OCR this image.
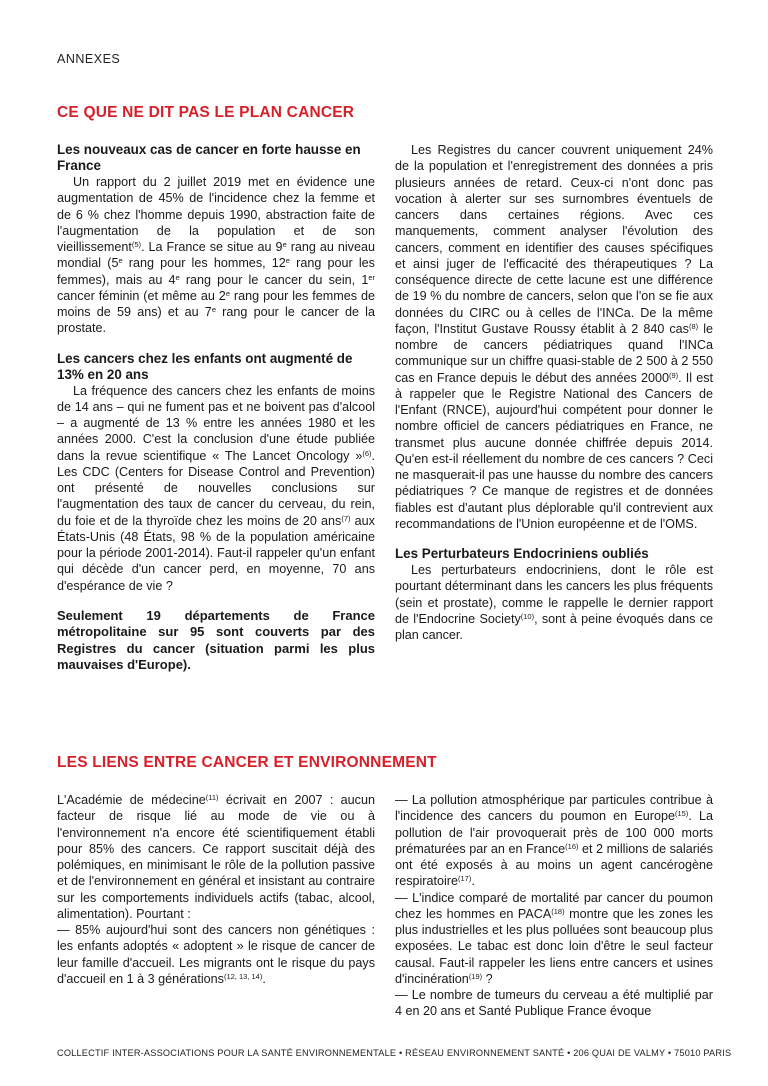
ANNEXES
CE QUE NE DIT PAS LE PLAN CANCER
Les nouveaux cas de cancer en forte hausse en France

Un rapport du 2 juillet 2019 met en évidence une augmentation de 45% de l'incidence chez la femme et de 6 % chez l'homme depuis 1990, abstraction faite de l'augmentation de la population et de son vieillissement$^{(5)}$. La France se situe au 9e rang au niveau mondial (5e rang pour les hommes, 12e rang pour les femmes), mais au 4e rang pour le cancer du sein, 1er cancer féminin (et même au 2e rang pour les femmes de moins de 59 ans) et au 7e rang pour le cancer de la prostate.

Les cancers chez les enfants ont augmenté de 13% en 20 ans

La fréquence des cancers chez les enfants de moins de 14 ans – qui ne fument pas et ne boivent pas d'alcool – a augmenté de 13 % entre les années 1980 et les années 2000. C'est la conclusion d'une étude publiée dans la revue scientifique « The Lancet Oncology »$^{(6)}$. Les CDC (Centers for Disease Control and Prevention) ont présenté de nouvelles conclusions sur l'augmentation des taux de cancer du cerveau, du rein, du foie et de la thyroïde chez les moins de 20 ans$^{(7)}$ aux États-Unis (48 États, 98 % de la population américaine pour la période 2001-2014). Faut-il rappeler qu'un enfant qui décède d'un cancer perd, en moyenne, 70 ans d'espérance de vie ?

Seulement 19 départements de France métropolitaine sur 95 sont couverts par des Registres du cancer (situation parmi les plus mauvaises d'Europe).

Les Registres du cancer couvrent uniquement 24% de la population et l'enregistrement des données a pris plusieurs années de retard. Ceux-ci n'ont donc pas vocation à alerter sur ses surnombres éventuels de cancers dans certaines régions. Avec ces manquements, comment analyser l'évolution des cancers, comment en identifier des causes spécifiques et ainsi juger de l'efficacité des thérapeutiques ? La conséquence directe de cette lacune est une différence de 19 % du nombre de cancers, selon que l'on se fie aux données du CIRC ou à celles de l'INCa. De la même façon, l'Institut Gustave Roussy établit à 2 840 cas$^{(8)}$ le nombre de cancers pédiatriques quand l'INCa communique sur un chiffre quasi-stable de 2 500 à 2 550 cas en France depuis le début des années 2000$^{(9)}$. Il est à rappeler que le Registre National des Cancers de l'Enfant (RNCE), aujourd'hui compétent pour donner le nombre officiel de cancers pédiatriques en France, ne transmet plus aucune donnée chiffrée depuis 2014. Qu'en est-il réellement du nombre de ces cancers ? Ceci ne masquerait-il pas une hausse du nombre des cancers pédiatriques ? Ce manque de registres et de données fiables est d'autant plus déplorable qu'il contrevient aux recommandations de l'Union européenne et de l'OMS.

Les Perturbateurs Endocriniens oubliés

Les perturbateurs endocriniens, dont le rôle est pourtant déterminant dans les cancers les plus fréquents (sein et prostate), comme le rappelle le dernier rapport de l'Endocrine Society$^{(10)}$, sont à peine évoqués dans ce plan cancer.

LES LIENS ENTRE CANCER ET ENVIRONNEMENT

L'Académie de médecine$^{(11)}$ écrivait en 2007 : aucun facteur de risque lié au mode de vie ou à l'environnement n'a encore été scientifiquement établi pour 85% des cancers. Ce rapport suscitait déjà des polémiques, en minimisant le rôle de la pollution passive et de l'environnement en général et insistant au contraire sur les comportements individuels actifs (tabac, alcool, alimentation). Pourtant :

— 85% aujourd'hui sont des cancers non génétiques : les enfants adoptés « adoptent » le risque de cancer de leur famille d'accueil. Les migrants ont le risque du pays d'accueil en 1 à 3 générations$^{(12, 13, 14)}$.

— La pollution atmosphérique par particules contribue à l'incidence des cancers du poumon en Europe$^{(15)}$. La pollution de l'air provoquerait près de 100 000 morts prématurées par an en France$^{(16)}$ et 2 millions de salariés ont été exposés à au moins un agent cancérogène respiratoire$^{(17)}$.

— L'indice comparé de mortalité par cancer du poumon chez les hommes en PACA$^{(18)}$ montre que les zones les plus industrielles et les plus polluées sont beaucoup plus exposées. Le tabac est donc loin d'être le seul facteur causal. Faut-il rappeler les liens entre cancers et usines d'incinération$^{(19)}$ ?

— Le nombre de tumeurs du cerveau a été multiplié par 4 en 20 ans et Santé Publique France évoque

COLLECTIF INTER-ASSOCIATIONS POUR LA SANTÉ ENVIRONNEMENTALE • RÉSEAU ENVIRONNEMENT SANTÉ • 206 QUAI DE VALMY • 75010 PARIS
